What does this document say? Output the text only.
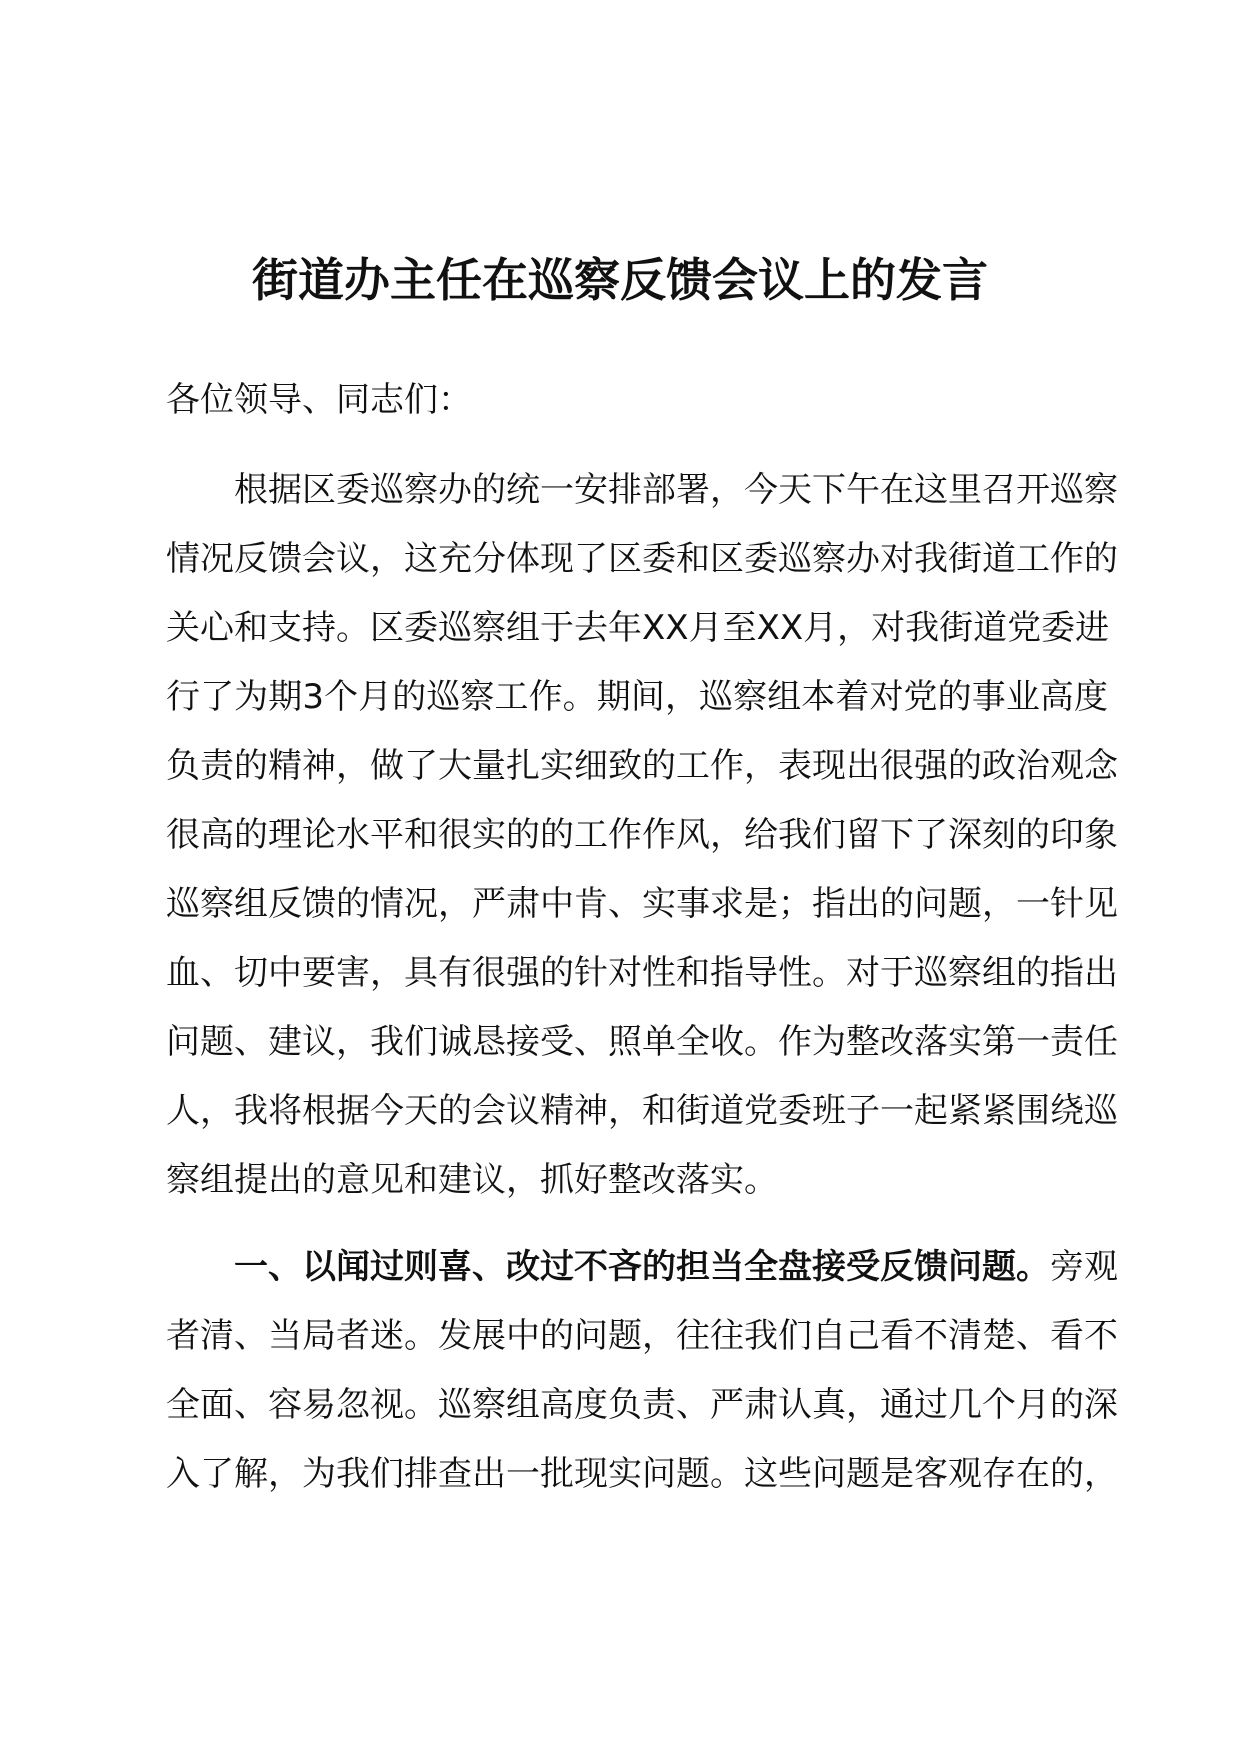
街道办主任在巡察反馈会议上的发言
各位领导、同志们：
根据区委巡察办的统一安排部署，今天下午在这里召开巡察
情况反馈会议，这充分体现了区委和区委巡察办对我街道工作的
关心和支持。区委巡察组于去年XX月至XX月，对我街道党委进
行了为期3个月的巡察工作。期间，巡察组本着对党的事业高度
负责的精神，做了大量扎实细致的工作，表现出很强的政治观念
很高的理论水平和很实的的工作作风，给我们留下了深刻的印象
巡察组反馈的情况，严肃中肯、实事求是；指出的问题，一针见
血、切中要害，具有很强的针对性和指导性。对于巡察组的指出
问题、建议，我们诚恳接受、照单全收。作为整改落实第一责任
人，我将根据今天的会议精神，和街道党委班子一起紧紧围绕巡
察组提出的意见和建议，抓好整改落实。
一、以闻过则喜、改过不吝的担当全盘接受反馈问题。旁观
者清、当局者迷。发展中的问题，往往我们自己看不清楚、看不
全面、容易忽视。巡察组高度负责、严肃认真，通过几个月的深
入了解，为我们排查出一批现实问题。这些问题是客观存在的，
